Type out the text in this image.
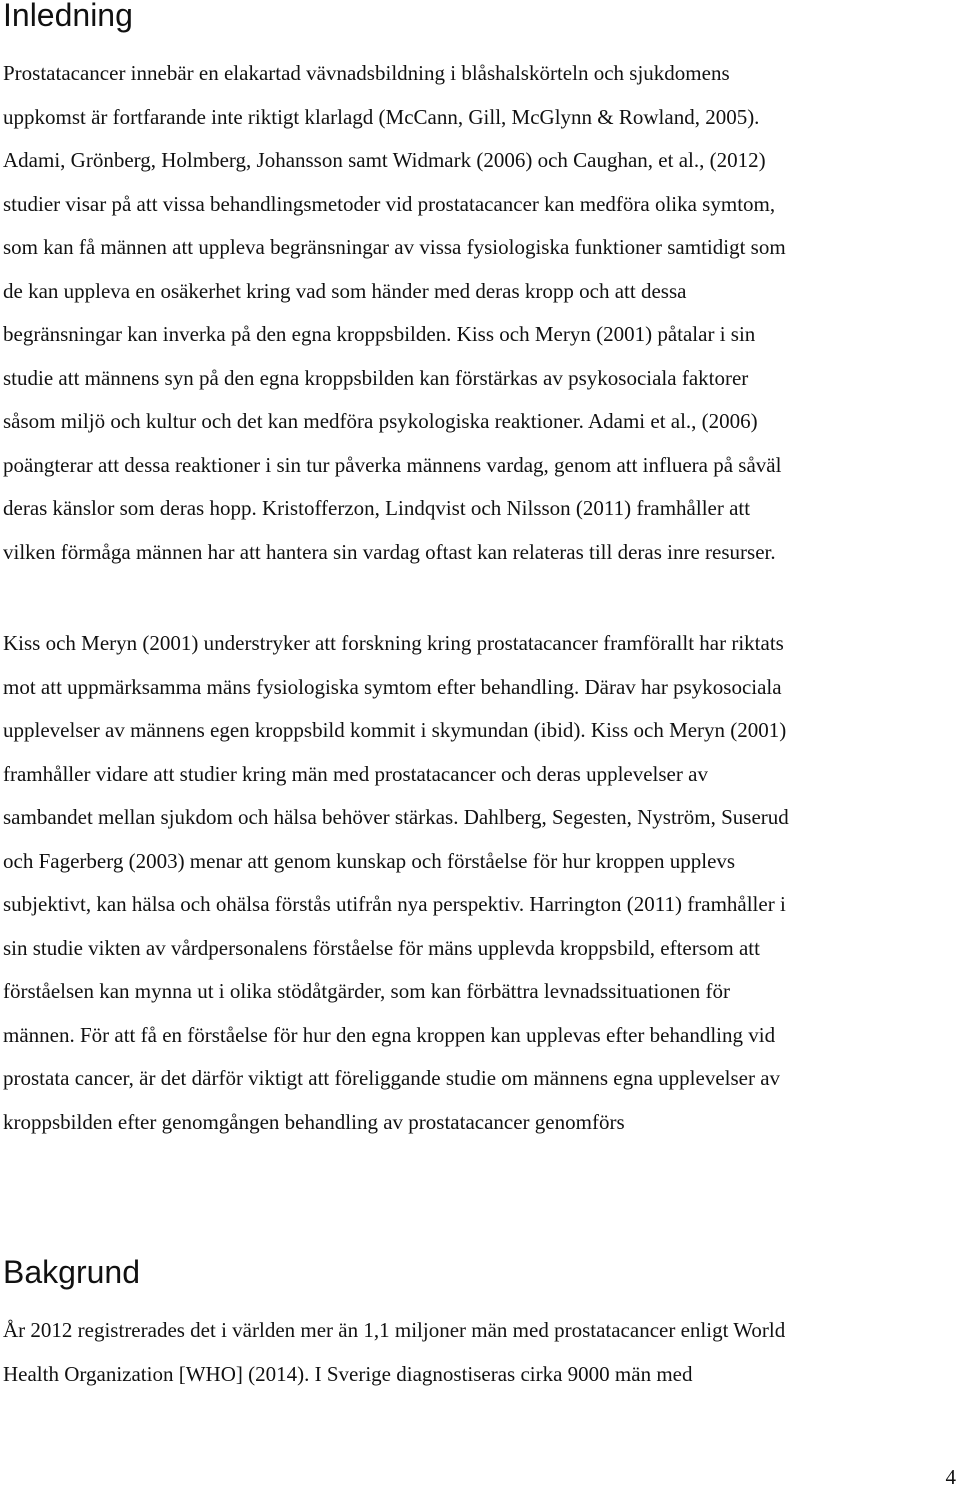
Inledning

Prostatacancer innebär en elakartad vävnadsbildning i blåshalskörteln och sjukdomens
uppkomst är fortfarande inte riktigt klarlagd (McCann, Gill, McGlynn & Rowland, 2005).
Adami, Grönberg, Holmberg, Johansson samt Widmark (2006) och Caughan, et al., (2012)
studier visar på att vissa behandlingsmetoder vid prostatacancer kan medföra olika symtom,
som kan få männen att uppleva begränsningar av vissa fysiologiska funktioner samtidigt som
de kan uppleva en osäkerhet kring vad som händer med deras kropp och att dessa
begränsningar kan inverka på den egna kroppsbilden. Kiss och Meryn (2001) påtalar i sin
studie att männens syn på den egna kroppsbilden kan förstärkas av psykosociala faktorer
såsom miljö och kultur och det kan medföra psykologiska reaktioner. Adami et al., (2006)
poängterar att dessa reaktioner i sin tur påverka männens vardag, genom att influera på såväl
deras känslor som deras hopp. Kristofferzon, Lindqvist och Nilsson (2011) framhåller att
vilken förmåga männen har att hantera sin vardag oftast kan relateras till deras inre resurser.

Kiss och Meryn (2001) understryker att forskning kring prostatacancer framförallt har riktats
mot att uppmärksamma mäns fysiologiska symtom efter behandling. Därav har psykosociala
upplevelser av männens egen kroppsbild kommit i skymundan (ibid). Kiss och Meryn (2001)
framhåller vidare att studier kring män med prostatacancer och deras upplevelser av
sambandet mellan sjukdom och hälsa behöver stärkas. Dahlberg, Segesten, Nyström, Suserud
och Fagerberg (2003) menar att genom kunskap och förståelse för hur kroppen upplevs
subjektivt, kan hälsa och ohälsa förstås utifrån nya perspektiv. Harrington (2011) framhåller i
sin studie vikten av vårdpersonalens förståelse för mäns upplevda kroppsbild, eftersom att
förståelsen kan mynna ut i olika stödåtgärder, som kan förbättra levnadssituationen för
männen. För att få en förståelse för hur den egna kroppen kan upplevas efter behandling vid
prostata cancer, är det därför viktigt att föreliggande studie om männens egna upplevelser av
kroppsbilden efter genomgången behandling av prostatacancer genomförs

Bakgrund

År 2012 registrerades det i världen mer än 1,1 miljoner män med prostatacancer enligt World
Health Organization [WHO] (2014). I Sverige diagnostiseras cirka 9000 män med

4
